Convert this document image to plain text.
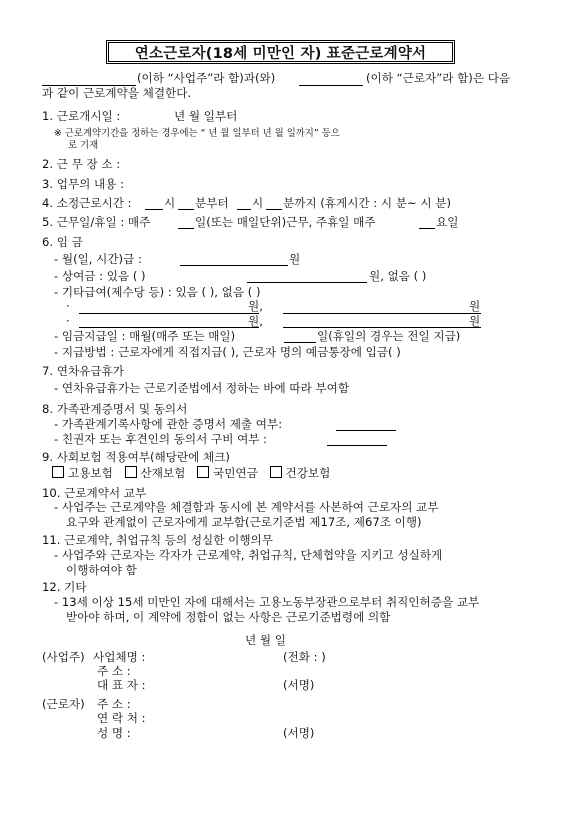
연소근로자(18세 미만인 자) 표준근로계약서
(이하 “사업주”라 함)과(와)	(이하 “근로자”라 함)은 다음
과 같이 근로계약을 체결한다.
1. 근로개시일 :	년 월 일부터
※ 근로계약기간을 정하는 경우에는 “ 년 월 일부터 년 월 일까지” 등으
로 기재
2. 근 무 장 소 :
3. 업무의 내용 :
4. 소정근로시간 :	시 분부터 시 분까지 (휴게시간 : 시 분~ 시 분)
5. 근무일/휴일 : 매주	일(또는 매일단위)근무, 주휴일 매주	요일
6. 임 금
- 월(일, 시간)급 :	원
- 상여금 : 있음 ( )	원, 없음 ( )
- 기타급여(제수당 등) : 있음 ( ), 없음 ( )
·	원,	원
·	원,	원
- 임금지급일 : 매월(매주 또는 매일)	일(휴일의 경우는 전일 지급)
- 지급방법 : 근로자에게 직접지급( ), 근로자 명의 예금통장에 입금( )
7. 연차유급휴가
- 연차유급휴가는 근로기준법에서 정하는 바에 따라 부여함
8. 가족관계증명서 및 동의서
- 가족관계기록사항에 관한 증명서 제출 여부:
- 친권자 또는 후견인의 동의서 구비 여부 :
9. 사회보험 적용여부(해당란에 체크)
고용보험 산재보험 국민연금 건강보험
10. 근로계약서 교부
- 사업주는 근로계약을 체결함과 동시에 본 계약서를 사본하여 근로자의 교부
요구와 관계없이 근로자에게 교부함(근로기준법 제17조, 제67조 이행)
11. 근로계약, 취업규칙 등의 성실한 이행의무
- 사업주와 근로자는 각자가 근로계약, 취업규칙, 단체협약을 지키고 성실하게
이행하여야 함
12. 기타
- 13세 이상 15세 미만인 자에 대해서는 고용노동부장관으로부터 취직인허증을 교부
받아야 하며, 이 계약에 정함이 없는 사항은 근로기준법령에 의함
년 월 일
(사업주) 사업체명 :	(전화 : )
주 소 :
대 표 자 :	(서명)
(근로자) 주 소 :
연 락 처 :
성 명 :	(서명)
